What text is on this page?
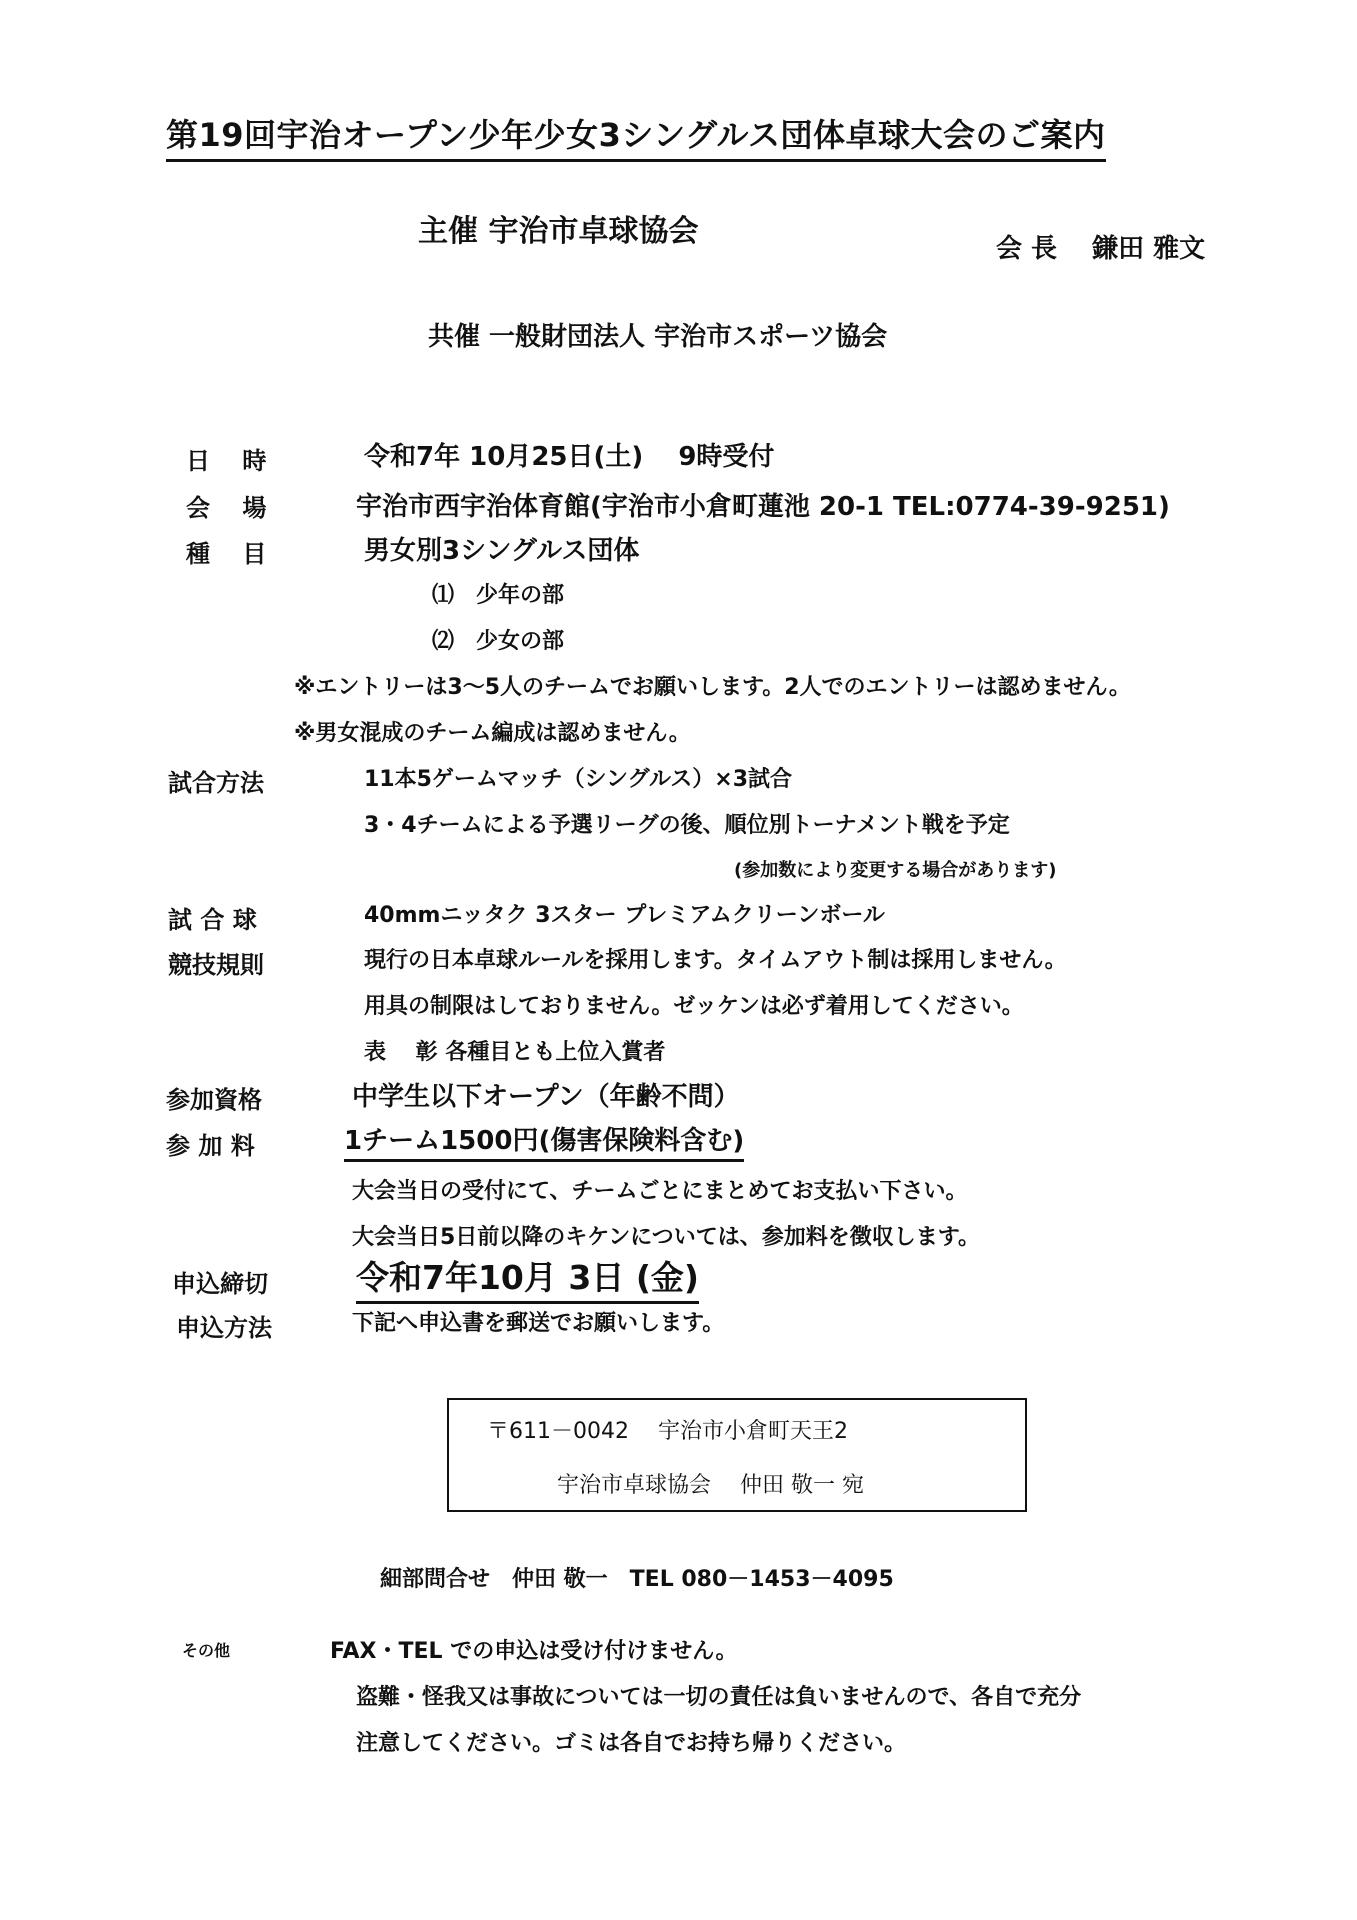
第19回宇治オープン少年少女3シングルス団体卓球大会のご案内
主催 宇治市卓球協会	会 長　 鎌田 雅文
共催 一般財団法人 宇治市スポーツ協会
日　 時	令和7年 10月25日(土)　 9時受付
会　 場	宇治市西宇治体育館(宇治市小倉町蓮池 20-1 TEL:0774-39-9251)
種　 目	男女別3シングルス団体
⑴　少年の部
⑵　少女の部
※エントリーは3～5人のチームでお願いします。2人でのエントリーは認めません。
※男女混成のチーム編成は認めません。
試合方法	11本5ゲームマッチ（シングルス）×3試合
3・4チームによる予選リーグの後、順位別トーナメント戦を予定
(参加数により変更する場合があります)
試 合 球	40mmニッタク 3スター プレミアムクリーンボール
競技規則	現行の日本卓球ルールを採用します。タイムアウト制は採用しません。
用具の制限はしておりません。ゼッケンは必ず着用してください。
表　 彰 各種目とも上位入賞者
参加資格	中学生以下オープン（年齢不問）
参 加 料	1チーム1500円(傷害保険料含む)
大会当日の受付にて、チームごとにまとめてお支払い下さい。
大会当日5日前以降のキケンについては、参加料を徴収します。
申込締切	令和7年10月 3日 (金)
申込方法	下記へ申込書を郵送でお願いします。
〒611－0042　 宇治市小倉町天王2
宇治市卓球協会　 仲田 敬一 宛
細部問合せ　仲田 敬一　TEL 080－1453－4095
その他	FAX・TEL での申込は受け付けません。
盗難・怪我又は事故については一切の責任は負いませんので、各自で充分
注意してください。ゴミは各自でお持ち帰りください。
